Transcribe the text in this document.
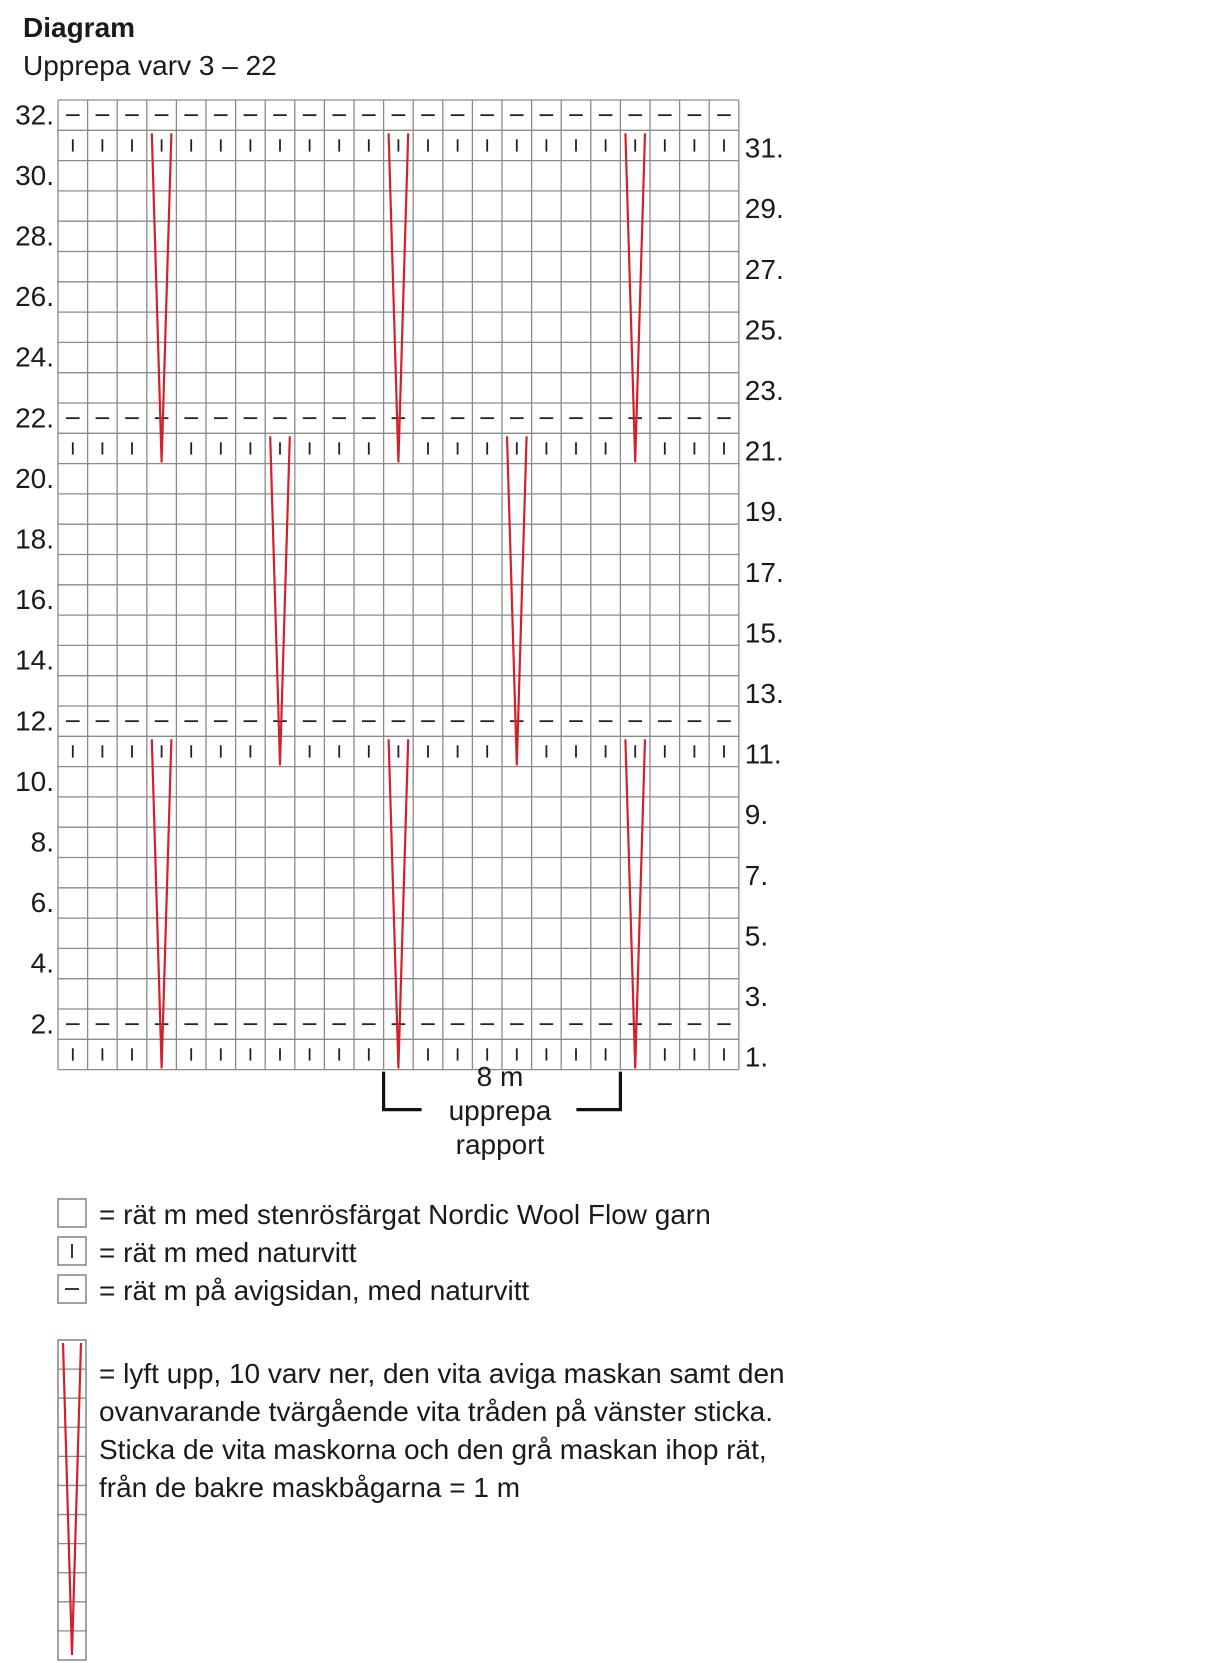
Diagram
Upprepa varv 3 – 22
32.
30.
28.
26.
24.
22.
20.
18.
16.
14.
12.
10.
8.
6.
4.
2.
31.
29.
27.
25.
23.
21.
19.
17.
15.
13.
11.
9.
7.
5.
3.
1.
8 m
upprepa
rapport
= rät m med stenrösfärgat Nordic Wool Flow garn
= rät m med naturvitt
= rät m på avigsidan, med naturvitt
= lyft upp, 10 varv ner, den vita aviga maskan samt den
ovanvarande tvärgående vita tråden på vänster sticka.
Sticka de vita maskorna och den grå maskan ihop rät,
från de bakre maskbågarna = 1 m
